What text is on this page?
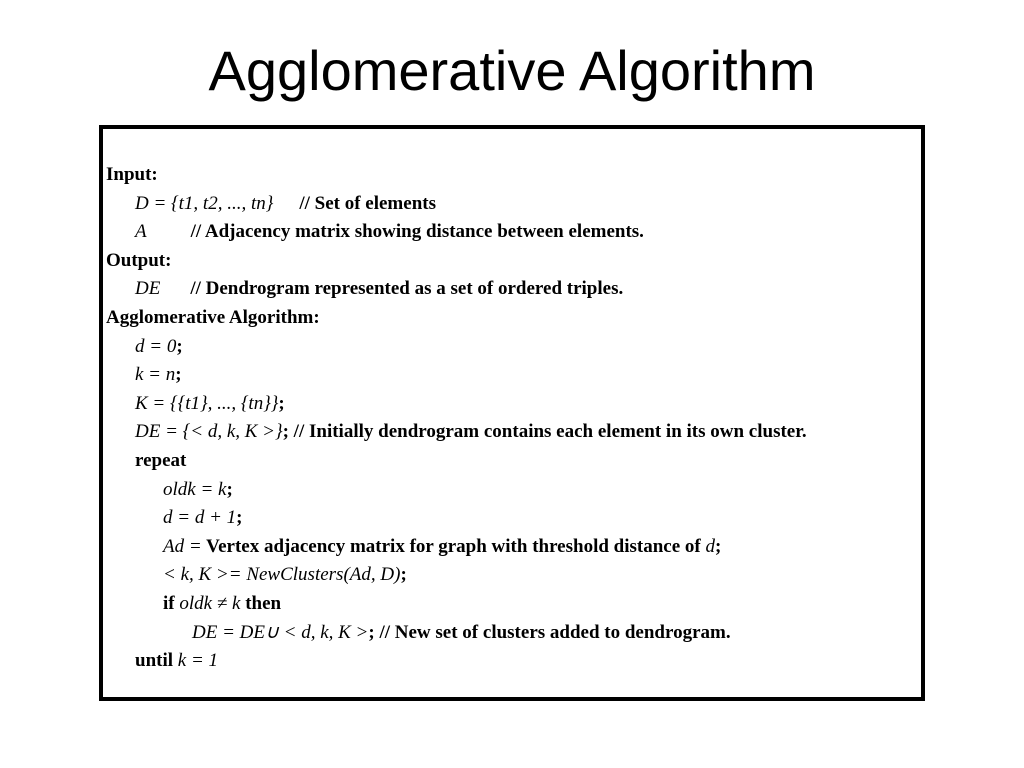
Agglomerative Algorithm
Input:
D = {t1, t2, ..., tn} // Set of elements
A // Adjacency matrix showing distance between elements.
Output:
DE // Dendrogram represented as a set of ordered triples.
Agglomerative Algorithm:
d = 0;
k = n;
K = {{t1}, ..., {tn}};
DE = {< d, k, K >}; // Initially dendrogram contains each element in its own cluster.
repeat
oldk = k;
d = d + 1;
Ad = Vertex adjacency matrix for graph with threshold distance of d;
< k, K >= NewClusters(Ad, D);
if oldk ≠ k then
DE = DE∪ < d, k, K >; // New set of clusters added to dendrogram.
until k = 1
